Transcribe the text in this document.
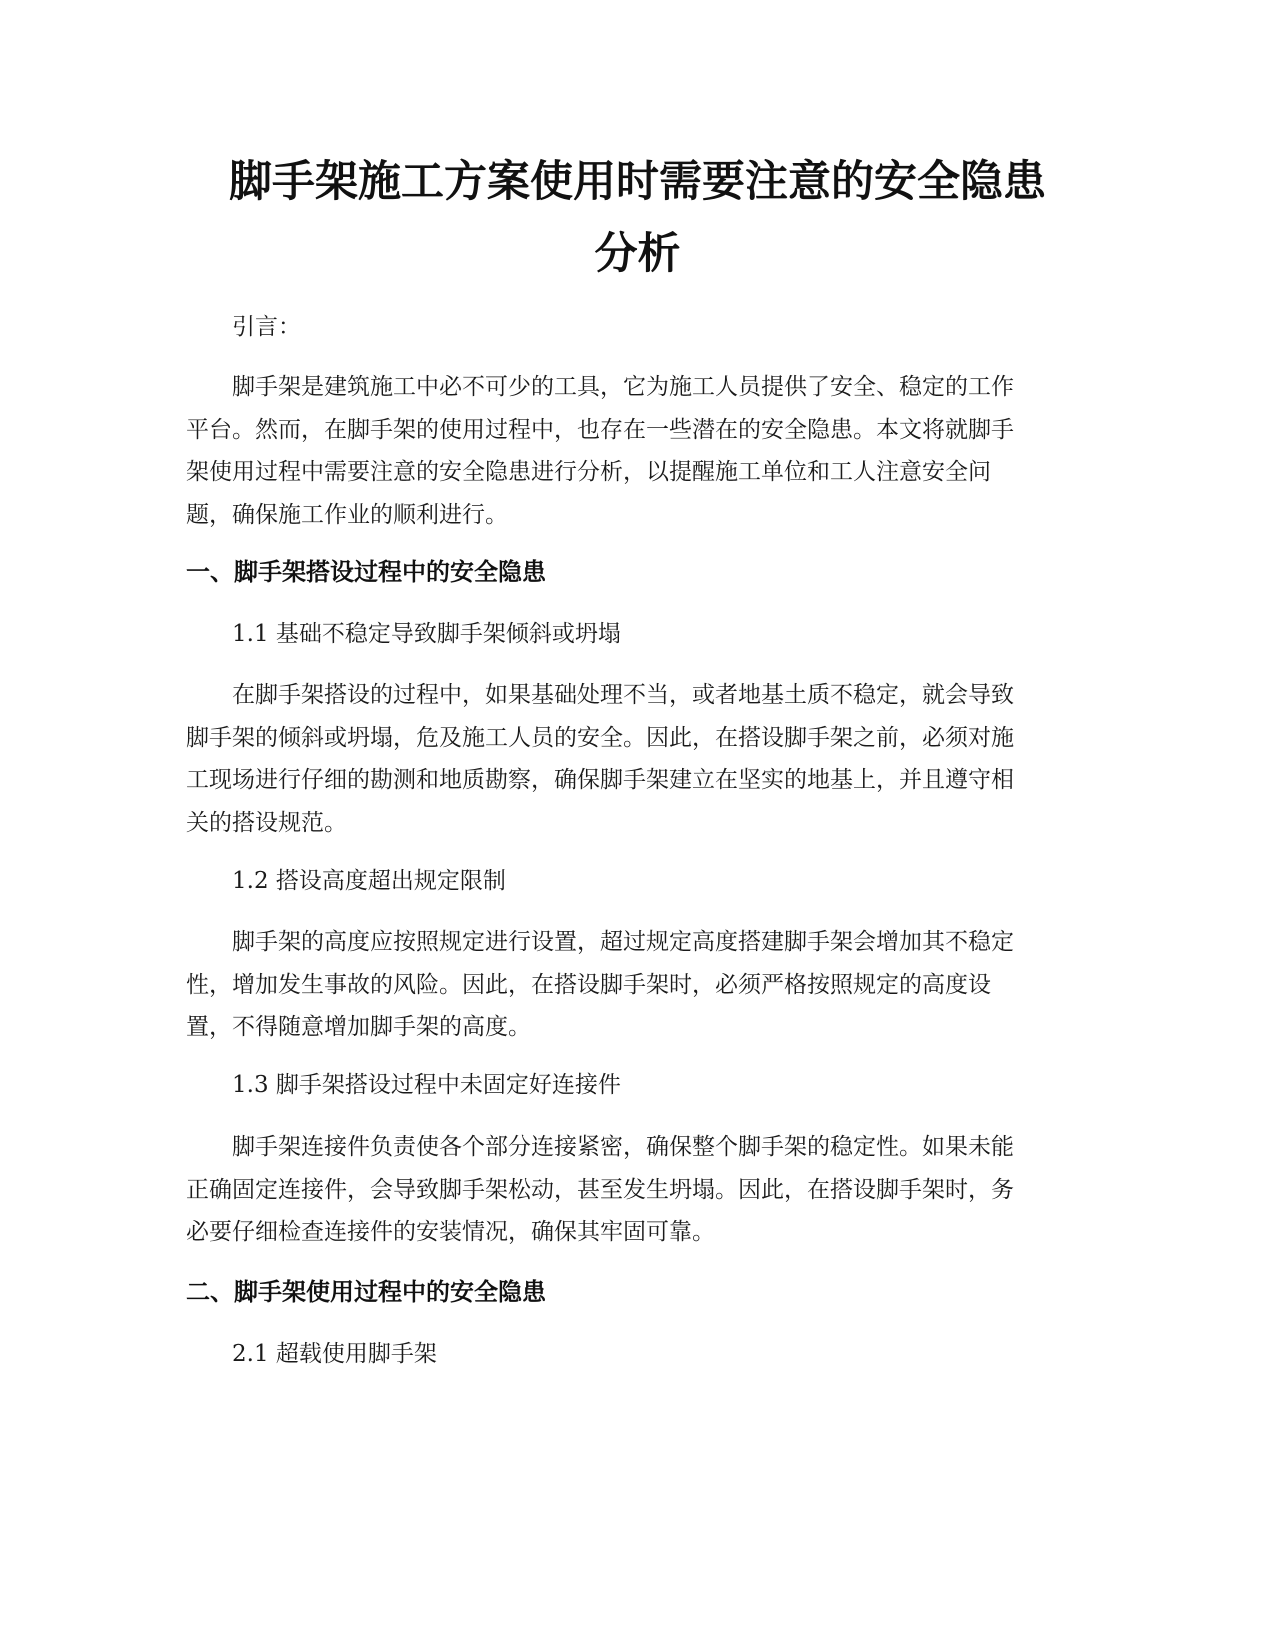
脚手架施工方案使用时需要注意的安全隐患
分析

引言：

脚手架是建筑施工中必不可少的工具，它为施工人员提供了安全、稳定的工作
平台。然而，在脚手架的使用过程中，也存在一些潜在的安全隐患。本文将就脚手
架使用过程中需要注意的安全隐患进行分析，以提醒施工单位和工人注意安全问
题，确保施工作业的顺利进行。

一、脚手架搭设过程中的安全隐患

1.1 基础不稳定导致脚手架倾斜或坍塌

在脚手架搭设的过程中，如果基础处理不当，或者地基土质不稳定，就会导致
脚手架的倾斜或坍塌，危及施工人员的安全。因此，在搭设脚手架之前，必须对施
工现场进行仔细的勘测和地质勘察，确保脚手架建立在坚实的地基上，并且遵守相
关的搭设规范。

1.2 搭设高度超出规定限制

脚手架的高度应按照规定进行设置，超过规定高度搭建脚手架会增加其不稳定
性，增加发生事故的风险。因此，在搭设脚手架时，必须严格按照规定的高度设
置，不得随意增加脚手架的高度。

1.3 脚手架搭设过程中未固定好连接件

脚手架连接件负责使各个部分连接紧密，确保整个脚手架的稳定性。如果未能
正确固定连接件，会导致脚手架松动，甚至发生坍塌。因此，在搭设脚手架时，务
必要仔细检查连接件的安装情况，确保其牢固可靠。

二、脚手架使用过程中的安全隐患

2.1 超载使用脚手架
